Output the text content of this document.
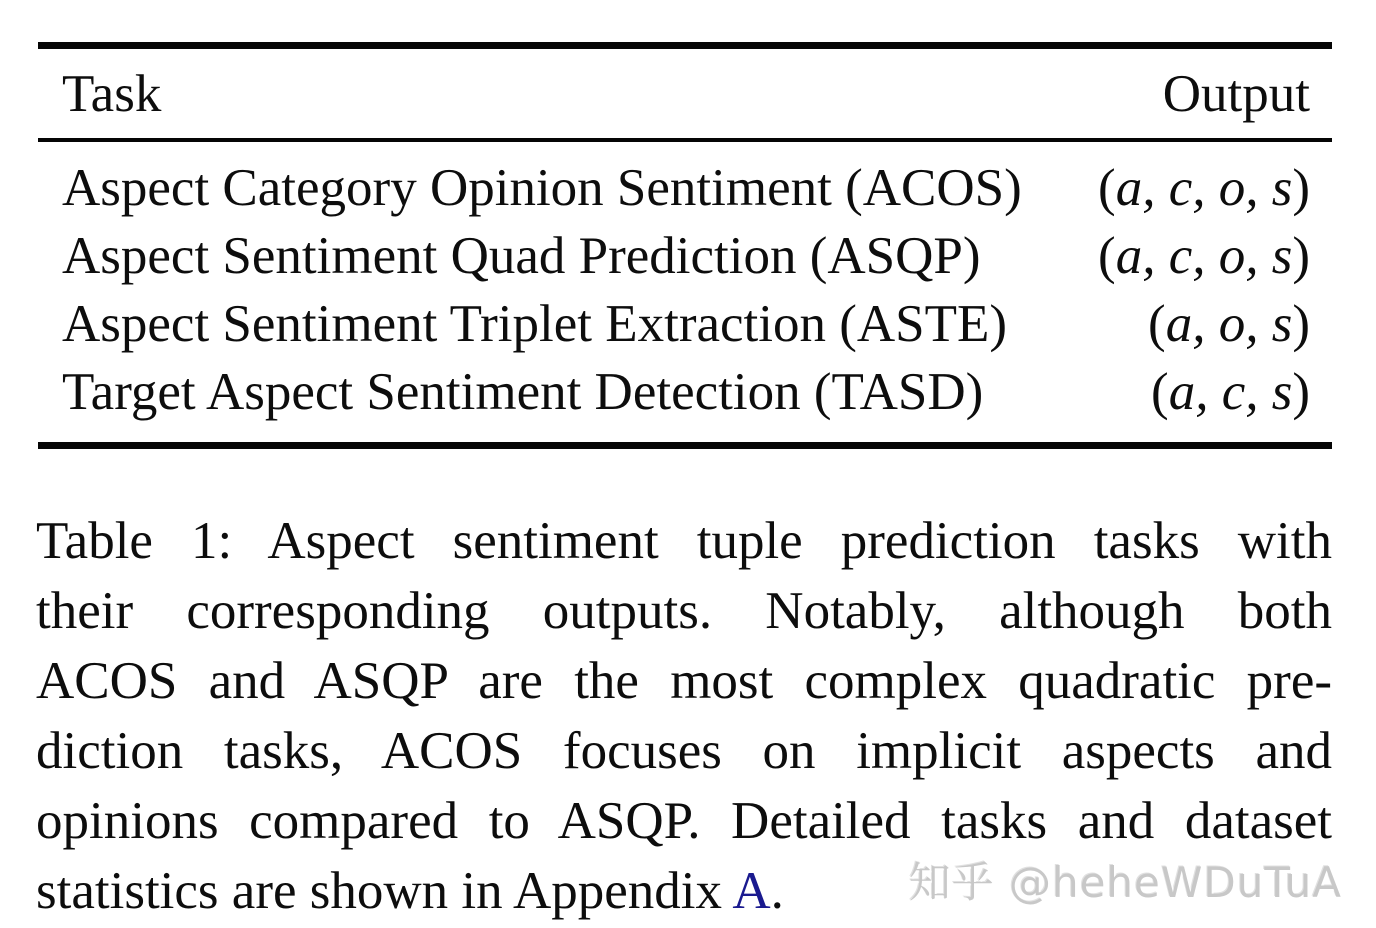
Task	Output
Aspect Category Opinion Sentiment (ACOS) (a, c, o, s)
Aspect Sentiment Quad Prediction (ASQP) (a, c, o, s)
Aspect Sentiment Triplet Extraction (ASTE)	(a, o, s)
Target Aspect Sentiment Detection (TASD)	(a, c, s)
Table 1: Aspect sentiment tuple prediction tasks with
their corresponding outputs. Notably, although both
ACOS and ASQP are the most complex quadratic pre-
diction tasks, ACOS focuses on implicit aspects and
opinions compared to ASQP. Detailed tasks and dataset
statistics are shown in Appendix A.	知乎 @heheWDuTuA
